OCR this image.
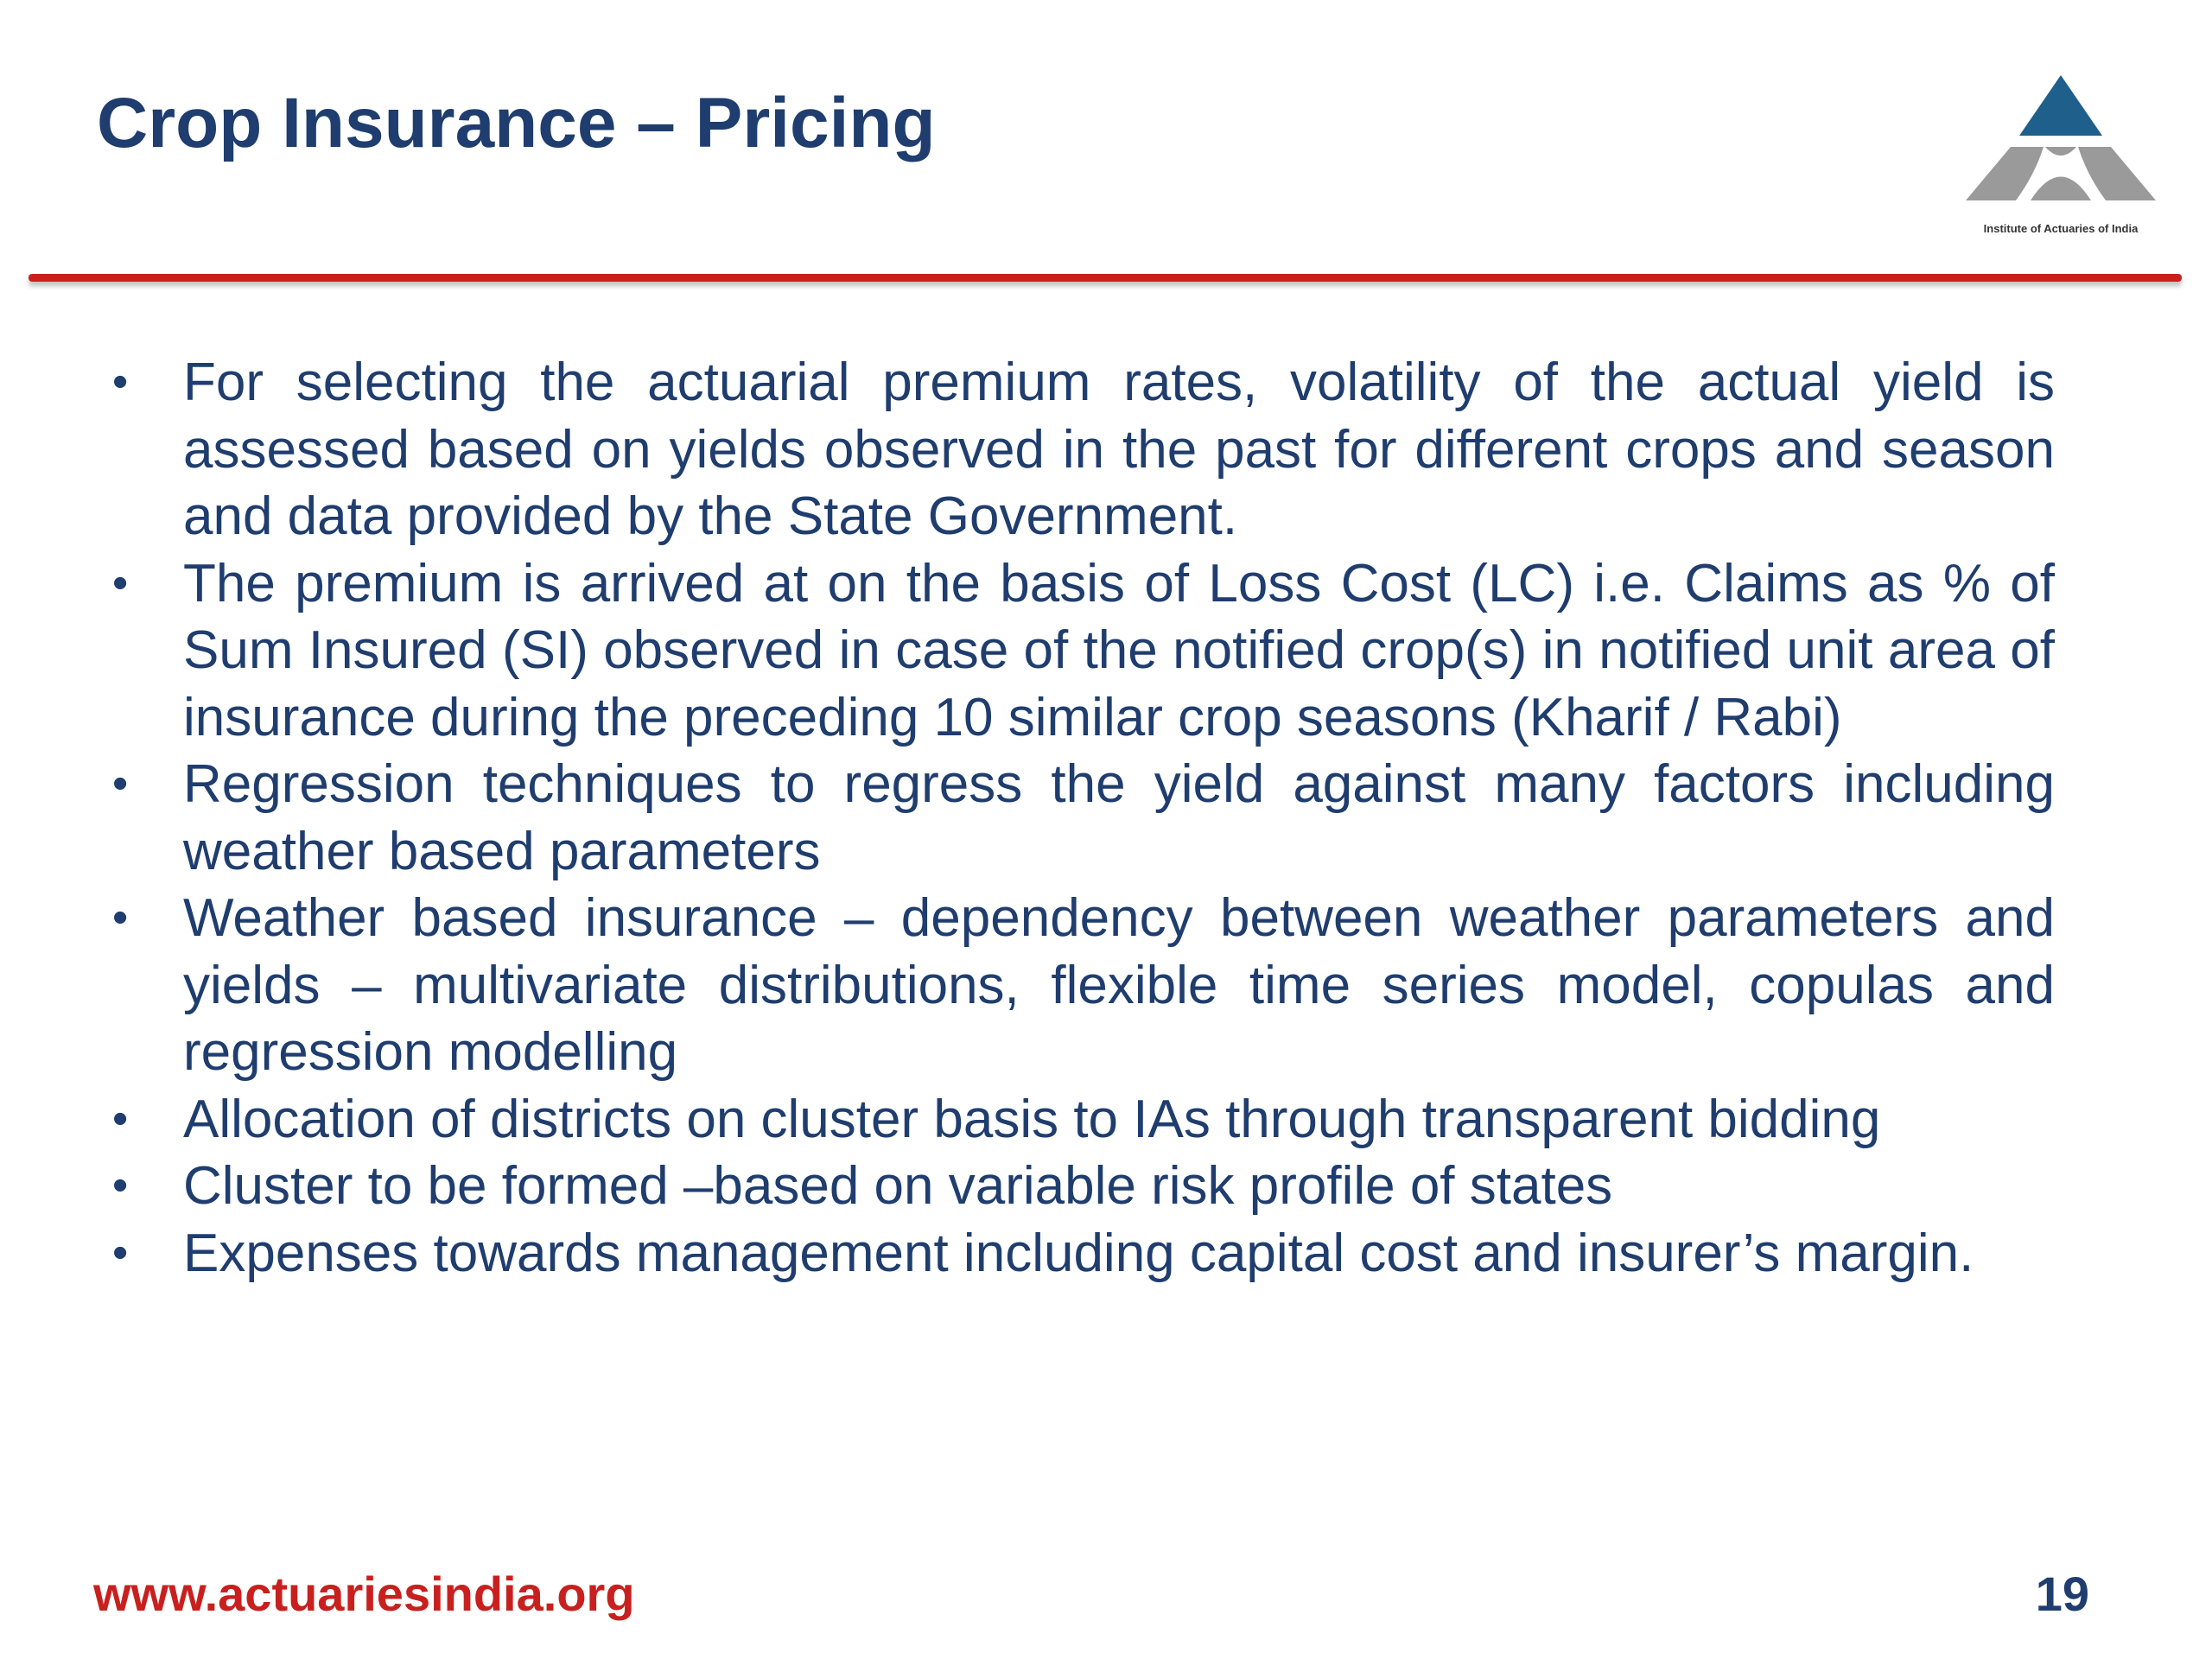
Crop Insurance – Pricing
Institute of Actuaries of India
• For selecting the actuarial premium rates, volatility of the actual yield is assessed based on yields observed in the past for different crops and season and data provided by the State Government.
• The premium is arrived at on the basis of Loss Cost (LC) i.e. Claims as % of Sum Insured (SI) observed in case of the notified crop(s) in notified unit area of insurance during the preceding 10 similar crop seasons (Kharif / Rabi)
• Regression techniques to regress the yield against many factors including weather based parameters
• Weather based insurance – dependency between weather parameters and yields – multivariate distributions, flexible time series model, copulas and regression modelling
• Allocation of districts on cluster basis to IAs through transparent bidding
• Cluster to be formed –based on variable risk profile of states
• Expenses towards management including capital cost and insurer’s margin.
www.actuariesindia.org	19
